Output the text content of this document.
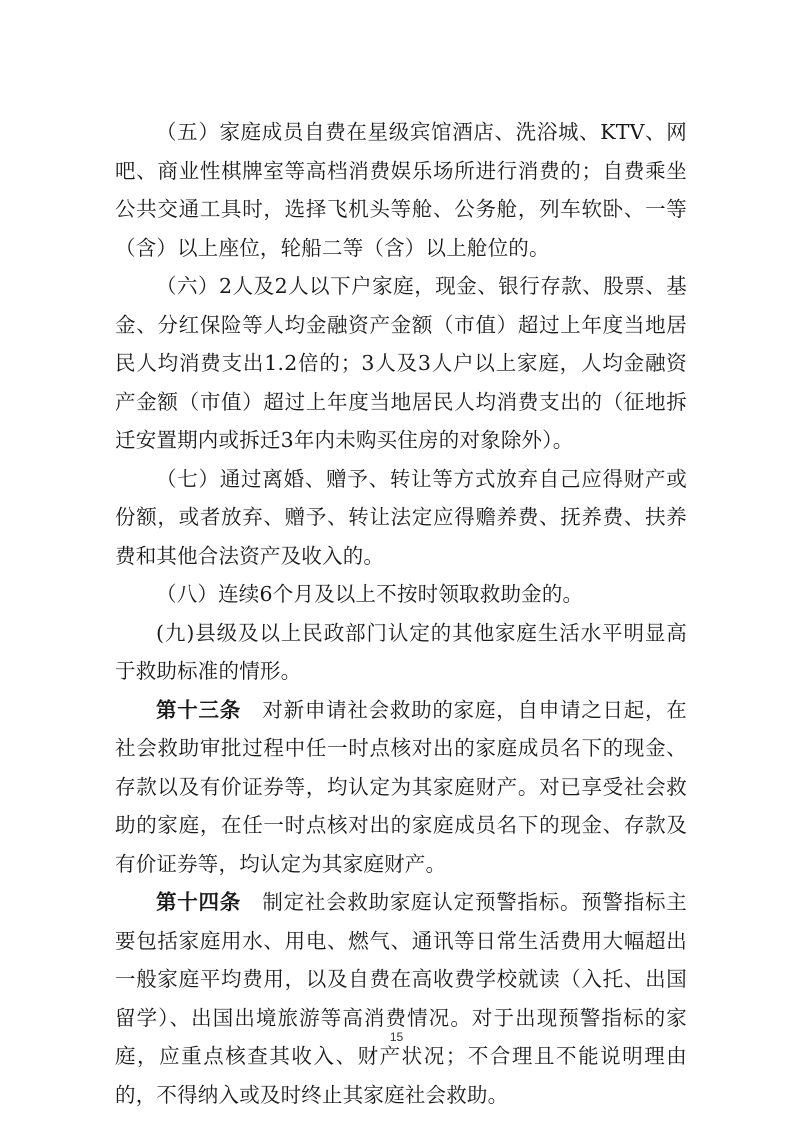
（五）家庭成员自费在星级宾馆酒店、洗浴城、KTV、网吧、商业性棋牌室等高档消费娱乐场所进行消费的；自费乘坐公共交通工具时，选择飞机头等舱、公务舱，列车软卧、一等（含）以上座位，轮船二等（含）以上舱位的。

（六）2人及2人以下户家庭，现金、银行存款、股票、基金、分红保险等人均金融资产金额（市值）超过上年度当地居民人均消费支出1.2倍的；3人及3人户以上家庭，人均金融资产金额（市值）超过上年度当地居民人均消费支出的（征地拆迁安置期内或拆迁3年内未购买住房的对象除外）。

（七）通过离婚、赠予、转让等方式放弃自己应得财产或份额，或者放弃、赠予、转让法定应得赡养费、抚养费、扶养费和其他合法资产及收入的。

（八）连续6个月及以上不按时领取救助金的。

(九)县级及以上民政部门认定的其他家庭生活水平明显高于救助标准的情形。

第十三条　对新申请社会救助的家庭，自申请之日起，在社会救助审批过程中任一时点核对出的家庭成员名下的现金、存款以及有价证券等，均认定为其家庭财产。对已享受社会救助的家庭，在任一时点核对出的家庭成员名下的现金、存款及有价证券等，均认定为其家庭财产。

第十四条　制定社会救助家庭认定预警指标。预警指标主要包括家庭用水、用电、燃气、通讯等日常生活费用大幅超出一般家庭平均费用，以及自费在高收费学校就读（入托、出国留学）、出国出境旅游等高消费情况。对于出现预警指标的家庭，应重点核查其收入、财产状况；不合理且不能说明理由的，不得纳入或及时终止其家庭社会救助。

15
